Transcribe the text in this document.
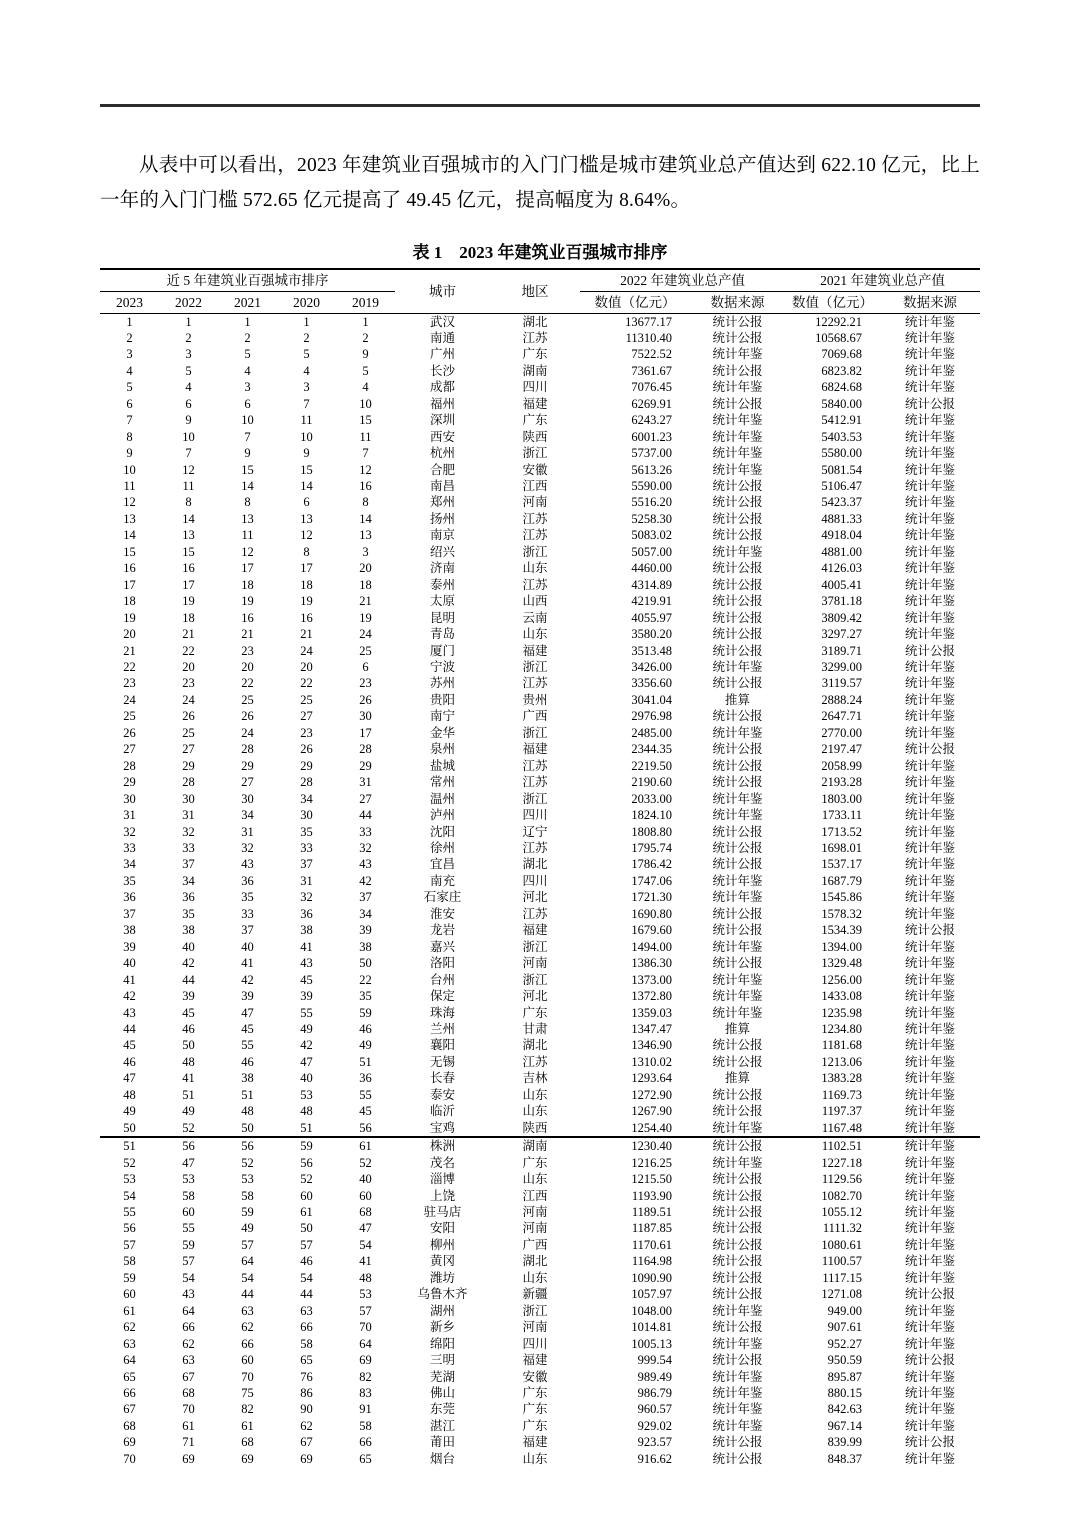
从表中可以看出，2023 年建筑业百强城市的入门门槛是城市建筑业总产值达到 622.10 亿元，比上一年的入门门槛 572.65 亿元提高了 49.45 亿元，提高幅度为 8.64%。

表 1　2023 年建筑业百强城市排序
近 5 年建筑业百强城市排序					城市	地区	2022 年建筑业总产值		2021 年建筑业总产值	
2023	2022	2021	2020	2019			数值（亿元）	数据来源	数值（亿元）	数据来源
1	1	1	1	1	武汉	湖北	13677.17	统计公报	12292.21	统计年鉴
2	2	2	2	2	南通	江苏	11310.40	统计公报	10568.67	统计年鉴
3	3	5	5	9	广州	广东	7522.52	统计年鉴	7069.68	统计年鉴
4	5	4	4	5	长沙	湖南	7361.67	统计公报	6823.82	统计年鉴
5	4	3	3	4	成都	四川	7076.45	统计年鉴	6824.68	统计年鉴
6	6	6	7	10	福州	福建	6269.91	统计公报	5840.00	统计公报
7	9	10	11	15	深圳	广东	6243.27	统计年鉴	5412.91	统计年鉴
8	10	7	10	11	西安	陕西	6001.23	统计年鉴	5403.53	统计年鉴
9	7	9	9	7	杭州	浙江	5737.00	统计年鉴	5580.00	统计年鉴
10	12	15	15	12	合肥	安徽	5613.26	统计年鉴	5081.54	统计年鉴
11	11	14	14	16	南昌	江西	5590.00	统计公报	5106.47	统计年鉴
12	8	8	6	8	郑州	河南	5516.20	统计公报	5423.37	统计年鉴
13	14	13	13	14	扬州	江苏	5258.30	统计公报	4881.33	统计年鉴
14	13	11	12	13	南京	江苏	5083.02	统计公报	4918.04	统计年鉴
15	15	12	8	3	绍兴	浙江	5057.00	统计年鉴	4881.00	统计年鉴
16	16	17	17	20	济南	山东	4460.00	统计公报	4126.03	统计年鉴
17	17	18	18	18	泰州	江苏	4314.89	统计公报	4005.41	统计年鉴
18	19	19	19	21	太原	山西	4219.91	统计公报	3781.18	统计年鉴
19	18	16	16	19	昆明	云南	4055.97	统计公报	3809.42	统计年鉴
20	21	21	21	24	青岛	山东	3580.20	统计公报	3297.27	统计年鉴
21	22	23	24	25	厦门	福建	3513.48	统计公报	3189.71	统计公报
22	20	20	20	6	宁波	浙江	3426.00	统计年鉴	3299.00	统计年鉴
23	23	22	22	23	苏州	江苏	3356.60	统计公报	3119.57	统计年鉴
24	24	25	25	26	贵阳	贵州	3041.04	推算	2888.24	统计年鉴
25	26	26	27	30	南宁	广西	2976.98	统计公报	2647.71	统计年鉴
26	25	24	23	17	金华	浙江	2485.00	统计年鉴	2770.00	统计年鉴
27	27	28	26	28	泉州	福建	2344.35	统计公报	2197.47	统计公报
28	29	29	29	29	盐城	江苏	2219.50	统计公报	2058.99	统计年鉴
29	28	27	28	31	常州	江苏	2190.60	统计公报	2193.28	统计年鉴
30	30	30	34	27	温州	浙江	2033.00	统计年鉴	1803.00	统计年鉴
31	31	34	30	44	泸州	四川	1824.10	统计年鉴	1733.11	统计年鉴
32	32	31	35	33	沈阳	辽宁	1808.80	统计公报	1713.52	统计年鉴
33	33	32	33	32	徐州	江苏	1795.74	统计公报	1698.01	统计年鉴
34	37	43	37	43	宜昌	湖北	1786.42	统计公报	1537.17	统计年鉴
35	34	36	31	42	南充	四川	1747.06	统计年鉴	1687.79	统计年鉴
36	36	35	32	37	石家庄	河北	1721.30	统计年鉴	1545.86	统计年鉴
37	35	33	36	34	淮安	江苏	1690.80	统计公报	1578.32	统计年鉴
38	38	37	38	39	龙岩	福建	1679.60	统计公报	1534.39	统计公报
39	40	40	41	38	嘉兴	浙江	1494.00	统计年鉴	1394.00	统计年鉴
40	42	41	43	50	洛阳	河南	1386.30	统计公报	1329.48	统计年鉴
41	44	42	45	22	台州	浙江	1373.00	统计年鉴	1256.00	统计年鉴
42	39	39	39	35	保定	河北	1372.80	统计年鉴	1433.08	统计年鉴
43	45	47	55	59	珠海	广东	1359.03	统计年鉴	1235.98	统计年鉴
44	46	45	49	46	兰州	甘肃	1347.47	推算	1234.80	统计年鉴
45	50	55	42	49	襄阳	湖北	1346.90	统计公报	1181.68	统计年鉴
46	48	46	47	51	无锡	江苏	1310.02	统计公报	1213.06	统计年鉴
47	41	38	40	36	长春	吉林	1293.64	推算	1383.28	统计年鉴
48	51	51	53	55	泰安	山东	1272.90	统计公报	1169.73	统计年鉴
49	49	48	48	45	临沂	山东	1267.90	统计公报	1197.37	统计年鉴
50	52	50	51	56	宝鸡	陕西	1254.40	统计年鉴	1167.48	统计年鉴
51	56	56	59	61	株洲	湖南	1230.40	统计公报	1102.51	统计年鉴
52	47	52	56	52	茂名	广东	1216.25	统计年鉴	1227.18	统计年鉴
53	53	53	52	40	淄博	山东	1215.50	统计公报	1129.56	统计年鉴
54	58	58	60	60	上饶	江西	1193.90	统计公报	1082.70	统计年鉴
55	60	59	61	68	驻马店	河南	1189.51	统计公报	1055.12	统计年鉴
56	55	49	50	47	安阳	河南	1187.85	统计公报	1111.32	统计年鉴
57	59	57	57	54	柳州	广西	1170.61	统计公报	1080.61	统计年鉴
58	57	64	46	41	黄冈	湖北	1164.98	统计公报	1100.57	统计年鉴
59	54	54	54	48	潍坊	山东	1090.90	统计公报	1117.15	统计年鉴
60	43	44	44	53	乌鲁木齐	新疆	1057.97	统计公报	1271.08	统计公报
61	64	63	63	57	湖州	浙江	1048.00	统计年鉴	949.00	统计年鉴
62	66	62	66	70	新乡	河南	1014.81	统计公报	907.61	统计年鉴
63	62	66	58	64	绵阳	四川	1005.13	统计年鉴	952.27	统计年鉴
64	63	60	65	69	三明	福建	999.54	统计公报	950.59	统计公报
65	67	70	76	82	芜湖	安徽	989.49	统计年鉴	895.87	统计年鉴
66	68	75	86	83	佛山	广东	986.79	统计年鉴	880.15	统计年鉴
67	70	82	90	91	东莞	广东	960.57	统计年鉴	842.63	统计年鉴
68	61	61	62	58	湛江	广东	929.02	统计年鉴	967.14	统计年鉴
69	71	68	67	66	莆田	福建	923.57	统计公报	839.99	统计公报
70	69	69	69	65	烟台	山东	916.62	统计公报	848.37	统计年鉴
